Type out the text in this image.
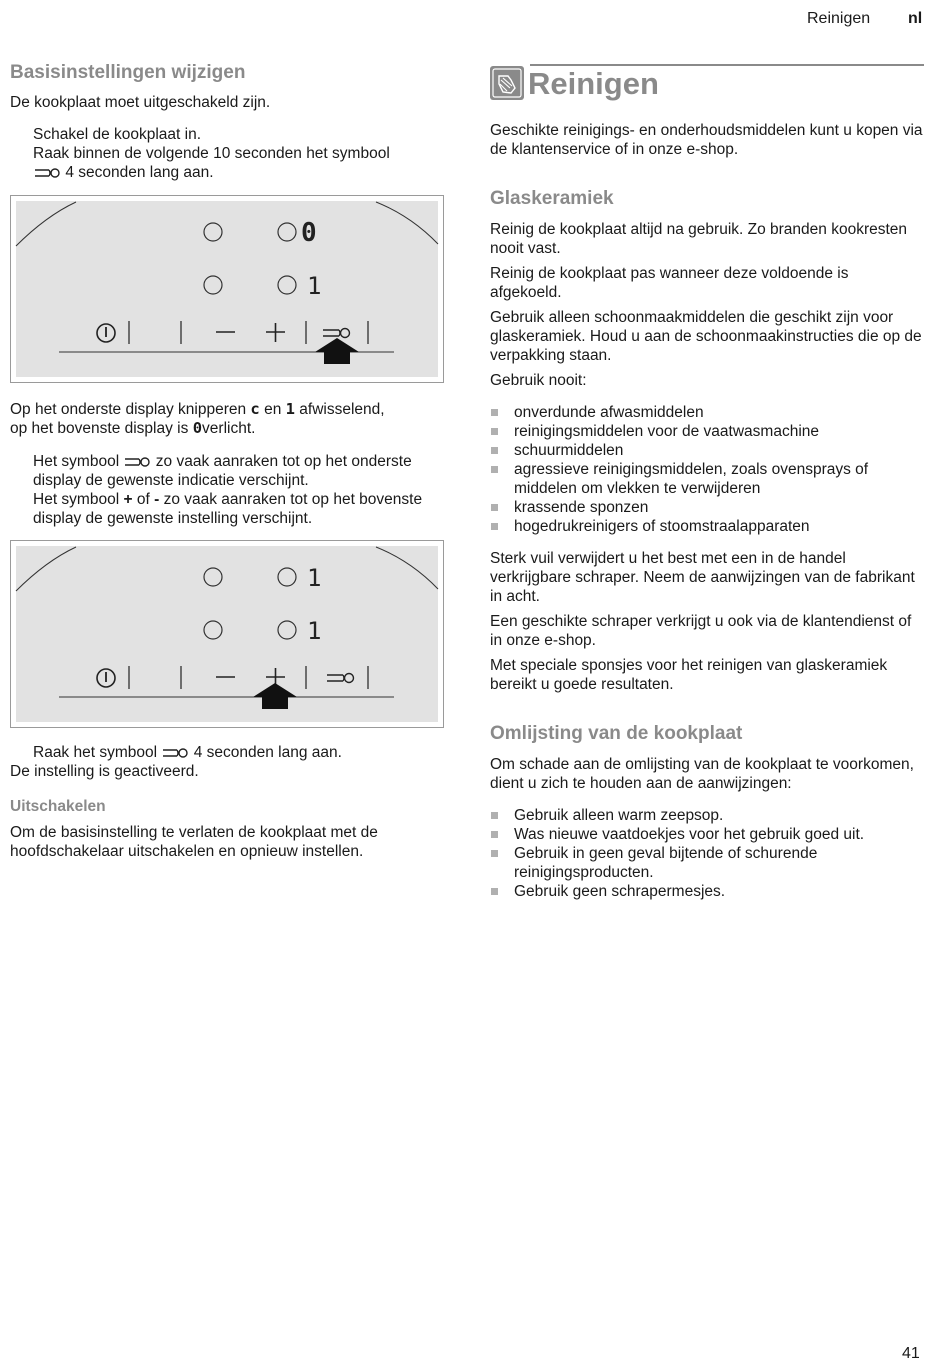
Reinigen nl
Basisinstellingen wijzigen

De kookplaat moet uitgeschakeld zijn.

Schakel de kookplaat in.

Raak binnen de volgende 10 seconden het symbool
4 seconden lang aan.

0
1

Op het onderste display knipperen c en 1 afwisselend,
op het bovenste display is 0verlicht.

Het symbool zo vaak aanraken tot op het onderste display de gewenste indicatie verschijnt.

Het symbool + of - zo vaak aanraken tot op het bovenste display de gewenste instelling verschijnt.

1
1

Raak het symbool 4 seconden lang aan.

De instelling is geactiveerd.

Uitschakelen

Om de basisinstelling te verlaten de kookplaat met de hoofdschakelaar uitschakelen en opnieuw instellen.

Reinigen

Geschikte reinigings- en onderhoudsmiddelen kunt u kopen via de klantenservice of in onze e-shop.

Glaskeramiek

Reinig de kookplaat altijd na gebruik. Zo branden kookresten nooit vast.

Reinig de kookplaat pas wanneer deze voldoende is afgekoeld.

Gebruik alleen schoonmaakmiddelen die geschikt zijn voor glaskeramiek. Houd u aan de schoonmaakinstructies die op de verpakking staan.

Gebruik nooit:

onverdunde afwasmiddelen
reinigingsmiddelen voor de vaatwasmachine
schuurmiddelen
agressieve reinigingsmiddelen, zoals ovensprays of middelen om vlekken te verwijderen
krassende sponzen
hogedrukreinigers of stoomstraalapparaten

Sterk vuil verwijdert u het best met een in de handel verkrijgbare schraper. Neem de aanwijzingen van de fabrikant in acht.

Een geschikte schraper verkrijgt u ook via de klantendienst of in onze e-shop.

Met speciale sponsjes voor het reinigen van glaskeramiek bereikt u goede resultaten.

Omlijsting van de kookplaat

Om schade aan de omlijsting van de kookplaat te voorkomen, dient u zich te houden aan de aanwijzingen:

Gebruik alleen warm zeepsop.
Was nieuwe vaatdoekjes voor het gebruik goed uit.
Gebruik in geen geval bijtende of schurende reinigingsproducten.
Gebruik geen schrapermesjes.
41
